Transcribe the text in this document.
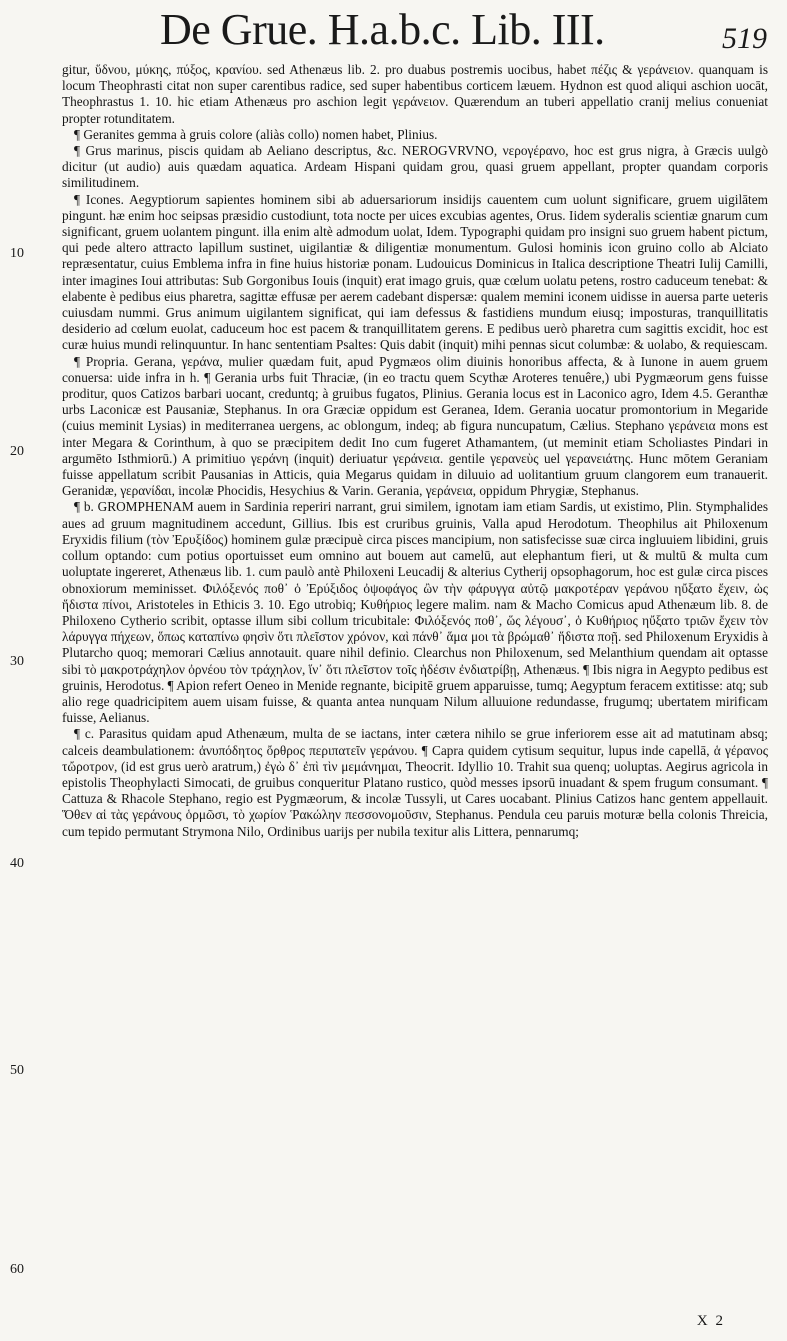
De Grue. H.a.b.c. Lib. III.	519
10
20
30
40
50
60

gitur, ὕδνου, μύκης, πύξος, κρανίου. sed Athenæus lib. 2. pro duabus postremis uocibus, habet πέζις & γεράνειον. quanquam is locum Theophrasti citat non super carentibus radice, sed super habentibus corticem læuem. Hydnon est quod aliqui aschion uocāt, Theophrastus 1. 10. hic etiam Athenæus pro aschion legit γεράνειον. Quærendum an tuberi appellatio cranij melius conueniat propter rotunditatem.

¶ Geranites gemma à gruis colore (aliàs collo) nomen habet, Plinius.

¶ Grus marinus, piscis quidam ab Aeliano descriptus, &c. NEROGVRVNO, νερογέρανο, hoc est grus nigra, à Græcis uulgò dicitur (ut audio) auis quædam aquatica. Ardeam Hispani quidam grou, quasi gruem appellant, propter quandam corporis similitudinem.

¶ Icones. Aegyptiorum sapientes hominem sibi ab aduersariorum insidijs cauentem cum uolunt significare, gruem uigilātem pingunt. hæ enim hoc seipsas præsidio custodiunt, tota nocte per uices excubias agentes, Orus. Iidem syderalis scientiæ gnarum cum significant, gruem uolantem pingunt. illa enim altè admodum uolat, Idem. Typographi quidam pro insigni suo gruem habent pictum, qui pede altero attracto lapillum sustinet, uigilantiæ & diligentiæ monumentum. Gulosi hominis icon gruino collo ab Alciato repræsentatur, cuius Emblema infra in fine huius historiæ ponam. Ludouicus Dominicus in Italica descriptione Theatri Iulij Camilli, inter imagines Ioui attributas: Sub Gorgonibus Iouis (inquit) erat imago gruis, quæ cœlum uolatu petens, rostro caduceum tenebat: & elabente è pedibus eius pharetra, sagittæ effusæ per aerem cadebant dispersæ: qualem memini iconem uidisse in auersa parte ueteris cuiusdam nummi. Grus animum uigilantem significat, qui iam defessus & fastidiens mundum eiusq; imposturas, tranquillitatis desiderio ad cœlum euolat, caduceum hoc est pacem & tranquillitatem gerens. E pedibus uerò pharetra cum sagittis excidit, hoc est curæ huius mundi relinquuntur. In hanc sententiam Psaltes: Quis dabit (inquit) mihi pennas sicut columbæ: & uolabo, & requiescam.

¶ Propria. Gerana, γεράνα, mulier quædam fuit, apud Pygmæos olim diuinis honoribus affecta, & à Iunone in auem gruem conuersa: uide infra in h. ¶ Gerania urbs fuit Thraciæ, (in eo tractu quem Scythæ Aroteres tenuêre,) ubi Pygmæorum gens fuisse proditur, quos Catizos barbari uocant, creduntq; à gruibus fugatos, Plinius. Gerania locus est in Laconico agro, Idem 4.5. Geranthæ urbs Laconicæ est Pausaniæ, Stephanus. In ora Græciæ oppidum est Geranea, Idem. Gerania uocatur promontorium in Megaride (cuius meminit Lysias) in mediterranea uergens, ac oblongum, indeq; ab figura nuncupatum, Cælius. Stephano γεράνεια mons est inter Megara & Corinthum, à quo se præcipitem dedit Ino cum fugeret Athamantem, (ut meminit etiam Scholiastes Pindari in argumēto Isthmiorū.) A primitiuo γεράνη (inquit) deriuatur γεράνεια. gentile γερανεὺς uel γερανειάτης. Hunc mōtem Geraniam fuisse appellatum scribit Pausanias in Atticis, quia Megarus quidam in diluuio ad uolitantium gruum clangorem eum tranauerit. Geranidæ, γερανίδαι, incolæ Phocidis, Hesychius & Varin. Gerania, γεράνεια, oppidum Phrygiæ, Stephanus.

¶ b. GROMPHENAM auem in Sardinia reperiri narrant, grui similem, ignotam iam etiam Sardis, ut existimo, Plin. Stymphalides aues ad gruum magnitudinem accedunt, Gillius. Ibis est cruribus gruinis, Valla apud Herodotum. Theophilus ait Philoxenum Eryxidis filium (τὸν Ἐρυξίδος) hominem gulæ præcipuè circa pisces mancipium, non satisfecisse suæ circa ingluuiem libidini, gruis collum optando: cum potius oportuisset eum omnino aut bouem aut camelū, aut elephantum fieri, ut & multū & multa cum uoluptate ingereret, Athenæus lib. 1. cum paulò antè Philoxeni Leucadij & alterius Cytherij opsophagorum, hoc est gulæ circa pisces obnoxiorum meminisset. Φιλόξενός ποθ᾽ ὁ Ἐρύξιδος ὀψοφάγος ὢν τὴν φάρυγγα αὐτῷ μακροτέραν γεράνου ηὔξατο ἔχειν, ὡς ἥδιστα πίνοι, Aristoteles in Ethicis 3. 10. Ego utrobiq; Κυθήριος legere malim. nam & Macho Comicus apud Athenæum lib. 8. de Philoxeno Cytherio scribit, optasse illum sibi collum tricubitale: Φιλόξενός ποθ᾽, ὥς λέγουσ᾽, ὁ Κυθήριος ηὔξατο τριῶν ἔχειν τὸν λάρυγγα πήχεων, ὅπως καταπίνω φησὶν ὅτι πλεῖστον χρόνον, καὶ πάνθ᾽ ἅμα μοι τὰ βρώμαθ᾽ ἥδιστα ποῇ. sed Philoxenum Eryxidis à Plutarcho quoq; memorari Cælius annotauit. quare nihil definio. Clearchus non Philoxenum, sed Melanthium quendam ait optasse sibi τὸ μακροτράχηλον ὀρνέου τὸν τράχηλον, ἵν᾽ ὅτι πλεῖστον τοῖς ἡδέσιν ἐνδιατρίβῃ, Athenæus. ¶ Ibis nigra in Aegypto pedibus est gruinis, Herodotus. ¶ Apion refert Oeneo in Menide regnante, bicipitē gruem apparuisse, tumq; Aegyptum feracem extitisse: atq; sub alio rege quadricipitem auem uisam fuisse, & quanta antea nunquam Nilum alluuione redundasse, frugumq; ubertatem mirificam fuisse, Aelianus.

¶ c. Parasitus quidam apud Athenæum, multa de se iactans, inter cætera nihilo se grue inferiorem esse ait ad matutinam absq; calceis deambulationem: ἀνυπόδητος ὄρθρος περιπατεῖν γεράνου. ¶ Capra quidem cytisum sequitur, lupus inde capellā, ἁ γέρανος τὤροτρον, (id est grus uerò aratrum,) ἐγὼ δ᾽ ἐπὶ τὶν μεμάνημαι, Theocrit. Idyllio 10. Trahit sua quenq; uoluptas. Aegirus agricola in epistolis Theophylacti Simocati, de gruibus conqueritur Platano rustico, quòd messes ipsorū inuadant & spem frugum consumant. ¶ Cattuza & Rhacole Stephano, regio est Pygmæorum, & incolæ Tussyli, ut Cares uocabant. Plinius Catizos hanc gentem appellauit. Ὅθεν αἱ τὰς γεράνους ὁρμῶσι, τὸ χωρίον Ῥακώλην πεσσονομοῦσιν, Stephanus. Pendula ceu paruis moturæ bella colonis Threicia, cum tepido permutant Strymona Nilo, Ordinibus uarijs per nubila texitur alis Littera, pennarumq;

X 2
